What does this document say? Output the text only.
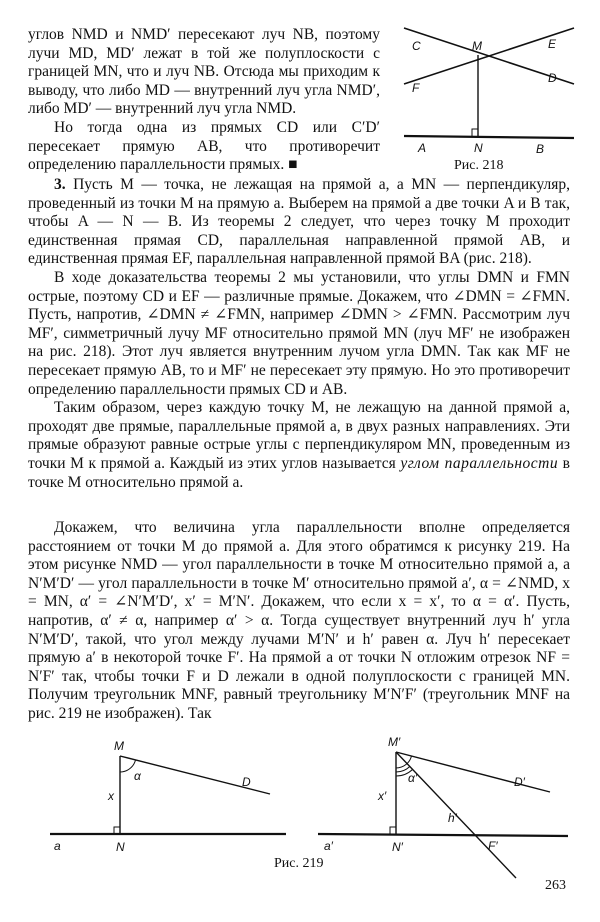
углов NMD и NMD′ пересекают луч NB, поэтому лучи MD, MD′ лежат в той же полуплоскости с границей MN, что и луч NB. Отсюда мы приходим к выводу, что либо MD — внутренний луч угла NMD′, либо MD′ — внутренний луч угла NMD.

Но тогда одна из прямых CD или C′D′ пересекает прямую AB, что противоречит определению параллельности прямых. ■

C	M	E
F
D
A	N	B
Рис. 218

3. Пусть M — точка, не лежащая на прямой a, а MN — перпендикуляр, проведенный из точки M на прямую a. Выберем на прямой a две точки A и B так, чтобы A — N — B. Из теоремы 2 следует, что через точку M проходит единственная прямая CD, параллельная направленной прямой AB, и единственная прямая EF, параллельная направленной прямой BA (рис. 218).

В ходе доказательства теоремы 2 мы установили, что углы DMN и FMN острые, поэтому CD и EF — различные прямые. Докажем, что ∠DMN = ∠FMN. Пусть, напротив, ∠DMN ≠ ∠FMN, например ∠DMN > ∠FMN. Рассмотрим луч MF′, симметричный лучу MF относительно прямой MN (луч MF′ не изображен на рис. 218). Этот луч является внутренним лучом угла DMN. Так как MF не пересекает прямую AB, то и MF′ не пересекает эту прямую. Но это противоречит определению параллельности прямых CD и AB.

Таким образом, через каждую точку M, не лежащую на данной прямой a, проходят две прямые, параллельные прямой a, в двух разных направлениях. Эти прямые образуют равные острые углы с перпендикуляром MN, проведенным из точки M к прямой a. Каждый из этих углов называется углом параллельности в точке M относительно прямой a.

Докажем, что величина угла параллельности вполне определяется расстоянием от точки M до прямой a. Для этого обратимся к рисунку 219. На этом рисунке NMD — угол параллельности в точке M относительно прямой a, а N′M′D′ — угол параллельности в точке M′ относительно прямой a′, α = ∠NMD, x = MN, α′ = ∠N′M′D′, x′ = M′N′. Докажем, что если x = x′, то α = α′. Пусть, напротив, α′ ≠ α, например α′ > α. Тогда существует внутренний луч h′ угла N′M′D′, такой, что угол между лучами M′N′ и h′ равен α. Луч h′ пересекает прямую a′ в некоторой точке F′. На прямой a от точки N отложим отрезок NF = N′F′ так, чтобы точки F и D лежали в одной полуплоскости с границей MN. Получим треугольник MNF, равный треугольнику M′N′F′ (треугольник MNF на рис. 219 не изображен). Так

M
α
x
D
a	N
M′
α′
x′
D′
h′
a′	N′	F′
Рис. 219
263
